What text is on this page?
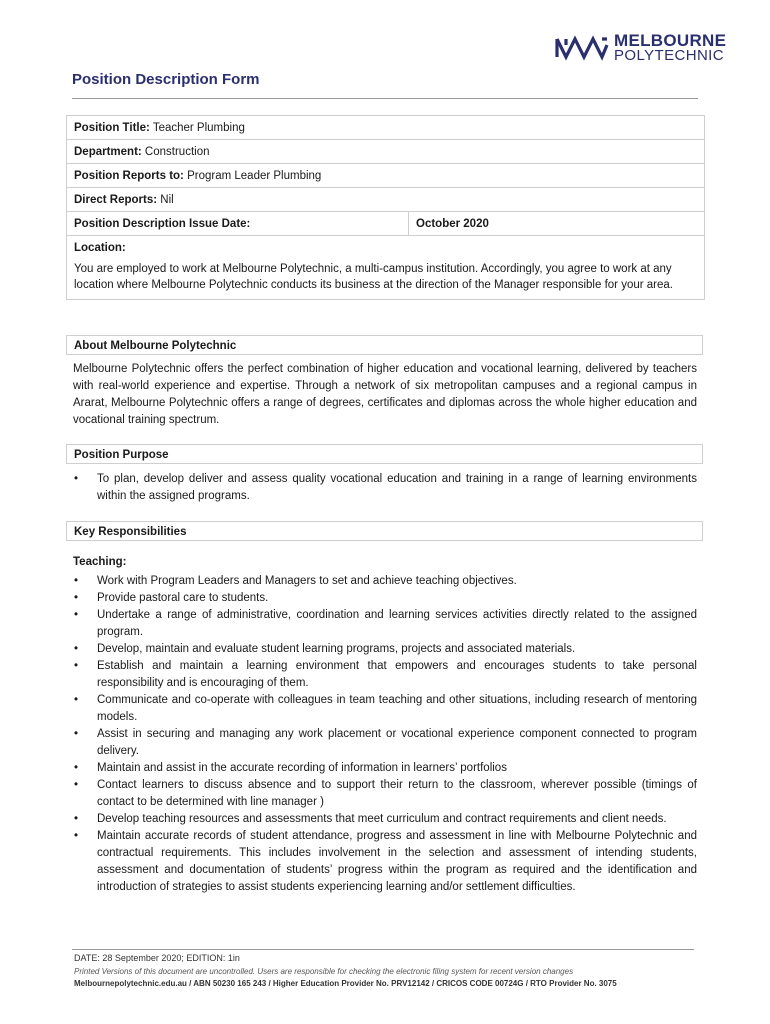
MELBOURNE
POLYTECHNIC
Position Description Form
Position Title: Teacher Plumbing
Department: Construction
Position Reports to: Program Leader Plumbing
Direct Reports: Nil
Position Description Issue Date:	October 2020
Location:
You are employed to work at Melbourne Polytechnic, a multi-campus institution. Accordingly, you agree to work at any location where Melbourne Polytechnic conducts its business at the direction of the Manager responsible for your area.
About Melbourne Polytechnic
Melbourne Polytechnic offers the perfect combination of higher education and vocational learning, delivered by teachers with real-world experience and expertise. Through a network of six metropolitan campuses and a regional campus in Ararat, Melbourne Polytechnic offers a range of degrees, certificates and diplomas across the whole higher education and vocational training spectrum.
Position Purpose
• To plan, develop deliver and assess quality vocational education and training in a range of learning environments within the assigned programs.
Key Responsibilities
Teaching:
• Work with Program Leaders and Managers to set and achieve teaching objectives.
• Provide pastoral care to students.
• Undertake a range of administrative, coordination and learning services activities directly related to the assigned program.
• Develop, maintain and evaluate student learning programs, projects and associated materials.
• Establish and maintain a learning environment that empowers and encourages students to take personal responsibility and is encouraging of them.
• Communicate and co-operate with colleagues in team teaching and other situations, including research of mentoring models.
• Assist in securing and managing any work placement or vocational experience component connected to program delivery.
• Maintain and assist in the accurate recording of information in learners’ portfolios
• Contact learners to discuss absence and to support their return to the classroom, wherever possible (timings of contact to be determined with line manager )
• Develop teaching resources and assessments that meet curriculum and contract requirements and client needs.
• Maintain accurate records of student attendance, progress and assessment in line with Melbourne Polytechnic and contractual requirements. This includes involvement in the selection and assessment of intending students, assessment and documentation of students’ progress within the program as required and the identification and introduction of strategies to assist students experiencing learning and/or settlement difficulties.
DATE: 28 September 2020; EDITION: 1in
Printed Versions of this document are uncontrolled. Users are responsible for checking the electronic filing system for recent version changes
Melbournepolytechnic.edu.au / ABN 50230 165 243 / Higher Education Provider No. PRV12142 / CRICOS CODE 00724G / RTO Provider No. 3075
